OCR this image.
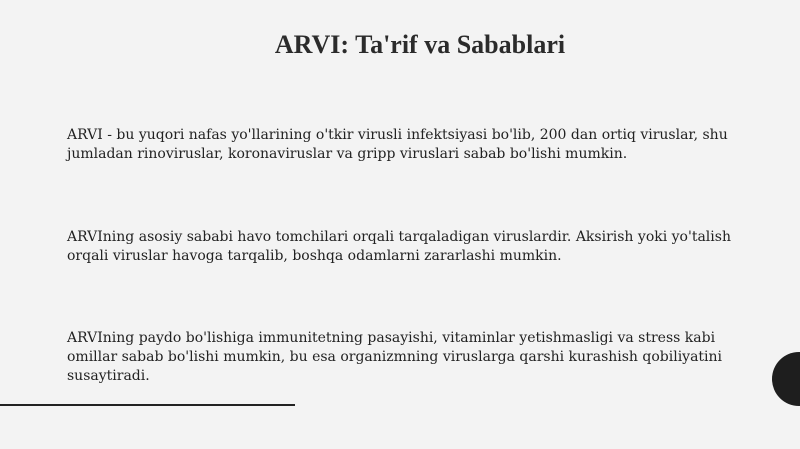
ARVI: Ta'rif va Sabablari

ARVI - bu yuqori nafas yo'llarining o'tkir virusli infektsiyasi bo'lib, 200 dan ortiq viruslar, shu jumladan rinoviruslar, koronaviruslar va gripp viruslari sabab bo'lishi mumkin.

ARVIning asosiy sababi havo tomchilari orqali tarqaladigan viruslardir. Aksirish yoki yo'talish orqali viruslar havoga tarqalib, boshqa odamlarni zararlashi mumkin.

ARVIning paydo bo'lishiga immunitetning pasayishi, vitaminlar yetishmasligi va stress kabi omillar sabab bo'lishi mumkin, bu esa organizmning viruslarga qarshi kurashish qobiliyatini susaytiradi.
